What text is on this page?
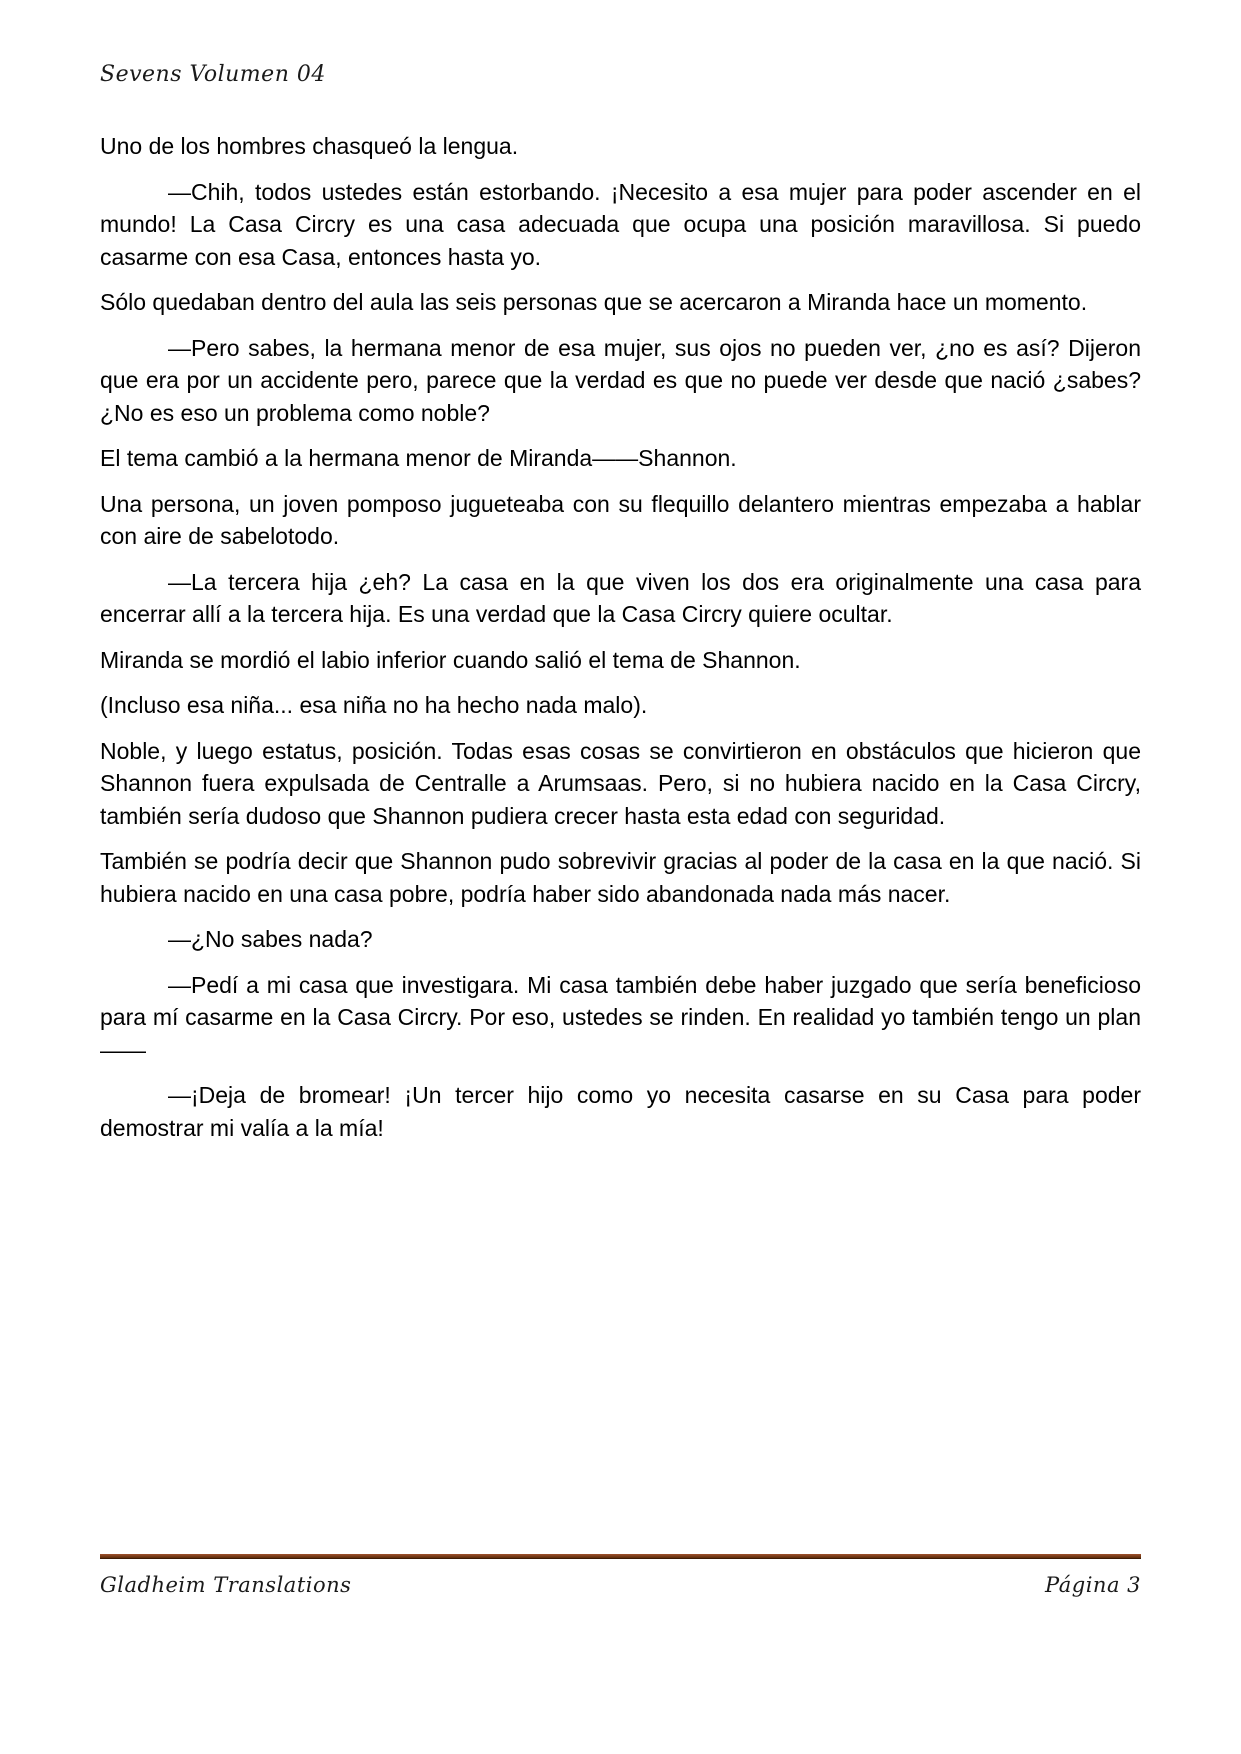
Sevens Volumen 04

Uno de los hombres chasqueó la lengua.

—Chih, todos ustedes están estorbando. ¡Necesito a esa mujer para poder ascender en el mundo! La Casa Circry es una casa adecuada que ocupa una posición maravillosa. Si puedo casarme con esa Casa, entonces hasta yo.

Sólo quedaban dentro del aula las seis personas que se acercaron a Miranda hace un momento.

—Pero sabes, la hermana menor de esa mujer, sus ojos no pueden ver, ¿no es así? Dijeron que era por un accidente pero, parece que la verdad es que no puede ver desde que nació ¿sabes? ¿No es eso un problema como noble?

El tema cambió a la hermana menor de Miranda——Shannon.

Una persona, un joven pomposo jugueteaba con su flequillo delantero mientras empezaba a hablar con aire de sabelotodo.

—La tercera hija ¿eh? La casa en la que viven los dos era originalmente una casa para encerrar allí a la tercera hija. Es una verdad que la Casa Circry quiere ocultar.

Miranda se mordió el labio inferior cuando salió el tema de Shannon.

(Incluso esa niña... esa niña no ha hecho nada malo).

Noble, y luego estatus, posición. Todas esas cosas se convirtieron en obstáculos que hicieron que Shannon fuera expulsada de Centralle a Arumsaas. Pero, si no hubiera nacido en la Casa Circry, también sería dudoso que Shannon pudiera crecer hasta esta edad con seguridad.

También se podría decir que Shannon pudo sobrevivir gracias al poder de la casa en la que nació. Si hubiera nacido en una casa pobre, podría haber sido abandonada nada más nacer.

—¿No sabes nada?

—Pedí a mi casa que investigara. Mi casa también debe haber juzgado que sería beneficioso para mí casarme en la Casa Circry. Por eso, ustedes se rinden. En realidad yo también tengo un plan——

—¡Deja de bromear! ¡Un tercer hijo como yo necesita casarse en su Casa para poder demostrar mi valía a la mía!

Gladheim Translations	Página 3
